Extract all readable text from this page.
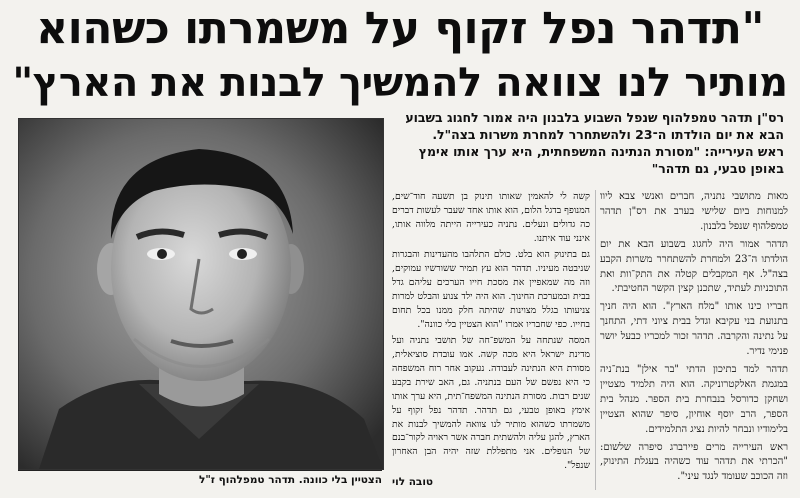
"תדהר נפל זקוף על משמרתו כשהוא
מותיר לנו צוואה להמשיך לבנות את הארץ"
רס"ן תדהר טמפלהוף שנפל השבוע בלבנון היה אמור לחגוג בשבוע הבא את יום הולדתו ה־23 ולהשתחרר למחרת משרות בצה"ל. ראש העירייה: "מסורת הנתינה המשפחתית, היא ערך אותו אימץ באופן טבעי, גם תדהר"
הצטיין בלי כוונה. תדהר טמפלהוף ז"ל

מאות מתושבי נתניה, חברים ואנשי צבא ליוו למנוחות ביום שלישי בערב את רס"ן תדהר טמפלהוף שנפל בלבנון.

תדהר אמור היה לחגוג בשבוע הבא את יום הולדתו ה־23 ולמחרת להשתחרר משרות הקבע בצה"ל. אף המקבלים קטלה את התק־וות ואת התוכניות לעתיד, שתכנן קצין הקשר החטיבתי.

חבריו כינו אותו "מלח הארץ". הוא היה חניך בתנועת בני עקיבא וגדל בבית ציוני דתי, התחנך על נתינה והקרבה. תדהר זכור למכריו כבעל יושר פנימי נדיר.

תדהר למד בתיכון הדתי "בר אילן" בנת־ניה במגמת האלקטרוניקה. הוא היה תלמיד מצטיין ושחקן כדורסל בנבחרת בית הספר. מנהל בית הספר, הרב יוסף אוחיון, סיפר שהוא הצטיין בלימודיו ונבחר להיות נציג התלמידים.

ראש העירייה מרים פיירברג סיפרה שלשום: "הכרתי את תדהר עוד כשהיה בעגלת התינוק, וזה הכוכב שעומד לנגד עיני".

קשה לי להאמין שאותו תינוק בן תשעה חוד־שים, המנופף בדגל הלום, הוא אותו אחד שעבר לעשות דברים כה גדולים ונעלים. נתניה כעירייה הייתה מלווה אותו, אינני עוד איתנו.

גם בתינוק הוא בלט. כולם התלהבו מהעדינות והבגרות שניבטה מעיניו. תדהר הוא עץ תמיר ששורשיו עמוקים, וזה מה שמאפיין את מסכת חייו הערכים עליהם גדל בבית ובמערכת החינוך. הוא היה ילד צנוע והבלט למרות צניעותו בגלל מצוינות שהיתה חלק ממנו בכל תחום בחייו. כפי שחבריו אמרו "הוא הצטיין בלי כוונה".

המסה שנתחה על המשפ־חה של תושבי נתניה ועל מדינת ישראל היא מכה קשה. אמו עובדת סוציאלית, מסורת היא הנתינה לעבודה. נעקוב אחר רוח המשפחה כי היא נפשם של העם בנתניה. גם, האב שירת בקבע שנים רבות. מסורת הנתינה המשפח־תית, היא ערך אותו אימץ באופן טבעי, גם תדהר. תדהר נפל זקוף על משמרתו כשהוא מותיר לנו צוואה להמשיך לבנות את הארץ, להגן עליה ולהשתית חברה אשר ראויה לקור־בנם של הנופלים. אני מתפללת שזה יהיה הבן האחרון שנפל".

טובה לוי
